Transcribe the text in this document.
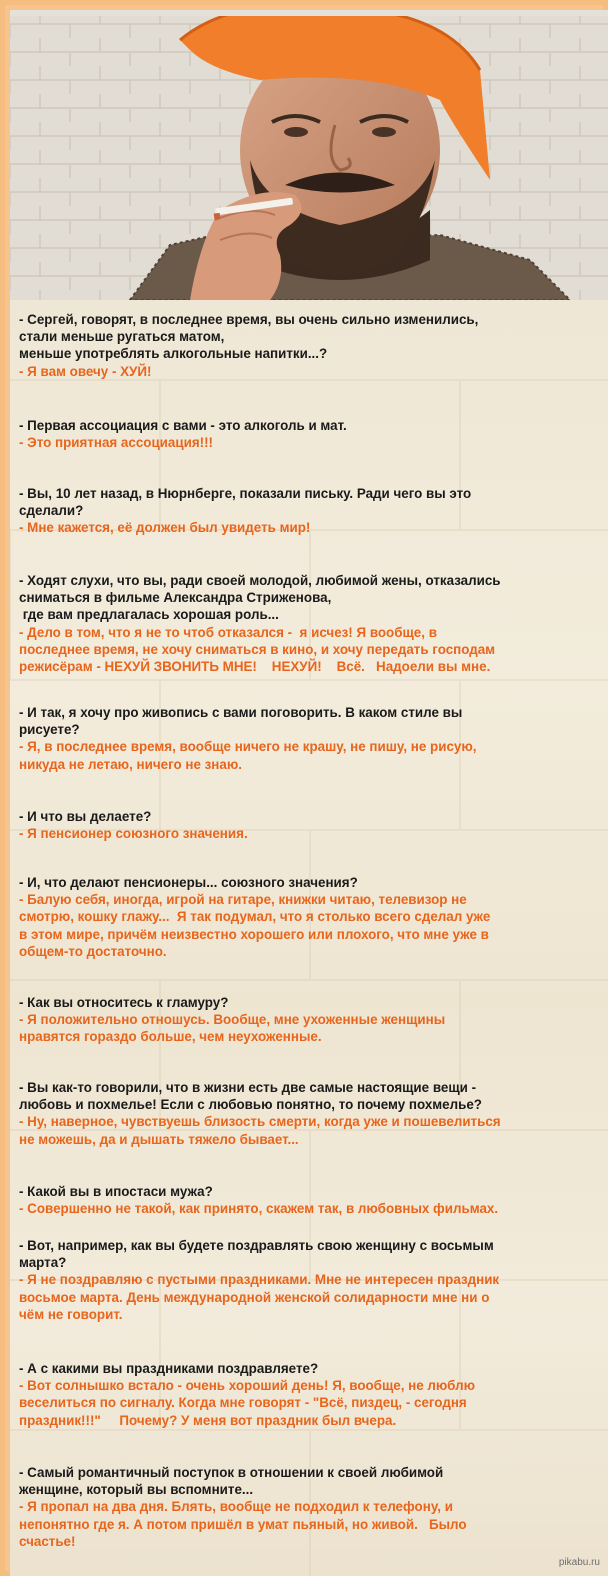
- Сергей, говорят, в последнее время, вы очень сильно изменились,
стали меньше ругаться матом,
меньше употреблять алкогольные напитки...?
- Я вам овечу - ХУЙ!
- Первая ассоциация с вами - это алкоголь и мат.
- Это приятная ассоциация!!!
- Вы, 10 лет назад, в Нюрнберге, показали письку. Ради чего вы это
сделали?
- Мне кажется, её должен был увидеть мир!
- Ходят слухи, что вы, ради своей молодой, любимой жены, отказались
сниматься в фильме Александра Стриженова,
где вам предлагалась хорошая роль...
- Дело в том, что я не то чтоб отказался -  я исчез! Я вообще, в
последнее время, не хочу сниматься в кино, и хочу передать господам
режисёрам - НЕХУЙ ЗВОНИТЬ МНЕ!    НЕХУЙ!    Всё.   Надоели вы мне.
- И так, я хочу про живопись с вами поговорить. В каком стиле вы
рисуете?
- Я, в последнее время, вообще ничего не крашу, не пишу, не рисую,
никуда не летаю, ничего не знаю.
- И что вы делаете?
- Я пенсионер союзного значения.
- И, что делают пенсионеры... союзного значения?
- Балую себя, иногда, игрой на гитаре, книжки читаю, телевизор не
смотрю, кошку глажу...  Я так подумал, что я столько всего сделал уже
в этом мире, причём неизвестно хорошего или плохого, что мне уже в
общем-то достаточно.
- Как вы относитесь к гламуру?
- Я положительно отношусь. Вообще, мне ухоженные женщины
нравятся гораздо больше, чем неухоженные.
- Вы как-то говорили, что в жизни есть две самые настоящие вещи -
любовь и похмелье! Если с любовью понятно, то почему похмелье?
- Ну, наверное, чувствуешь близость смерти, когда уже и пошевелиться
не можешь, да и дышать тяжело бывает...
- Какой вы в ипостаси мужа?
- Совершенно не такой, как принято, скажем так, в любовных фильмах.
- Вот, например, как вы будете поздравлять свою женщину с восьмым
марта?
- Я не поздравляю с пустыми праздниками. Мне не интересен праздник
восьмое марта. День международной женской солидарности мне ни о
чём не говорит.
- А с какими вы праздниками поздравляете?
- Вот солнышко встало - очень хороший день! Я, вообще, не люблю
веселиться по сигналу. Когда мне говорят - "Всё, пиздец, - сегодня
праздник!!!"     Почему? У меня вот праздник был вчера.
- Самый романтичный поступок в отношении к своей любимой
женщине, который вы вспомните...
- Я пропал на два дня. Блять, вообще не подходил к телефону, и
непонятно где я. А потом пришёл в умат пьяный, но живой.   Было
счастье!
pikabu.ru
